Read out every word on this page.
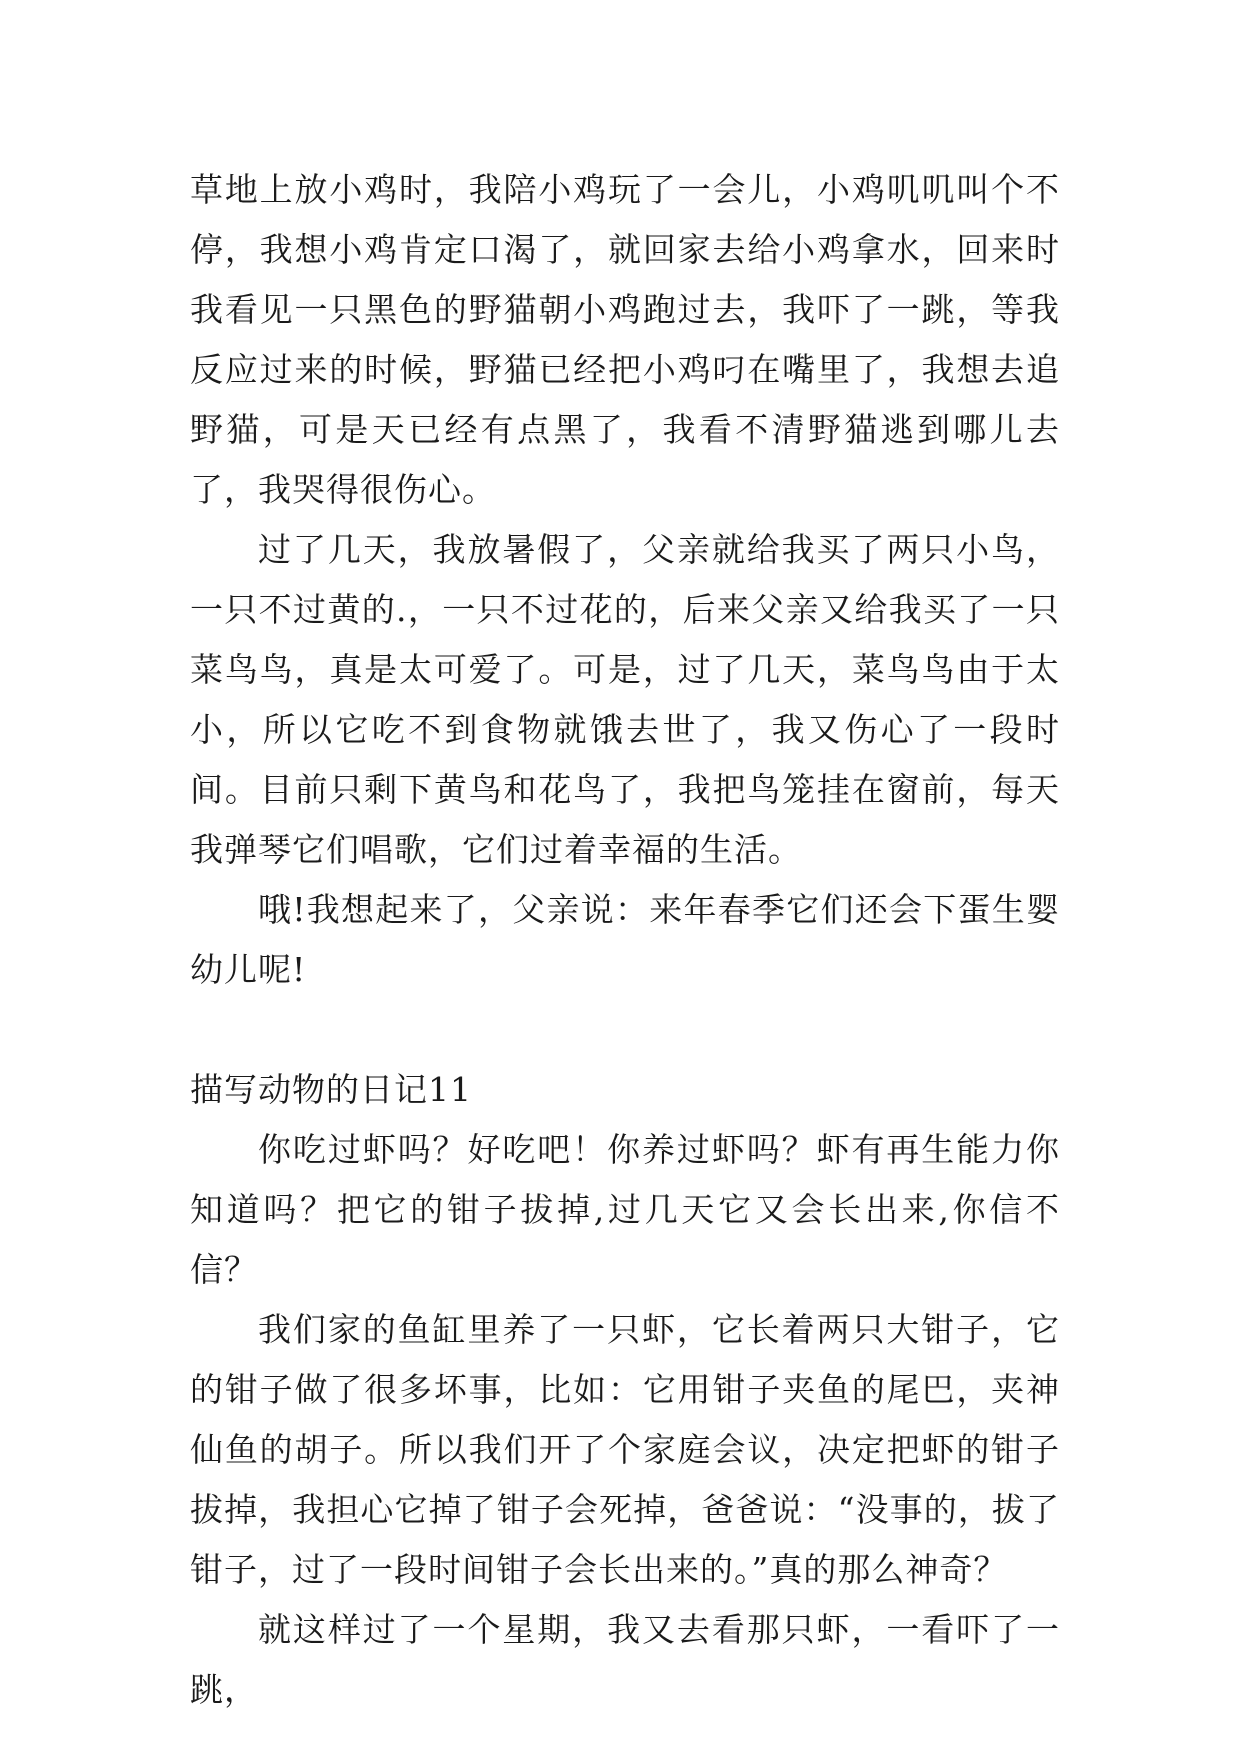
草地上放小鸡时，我陪小鸡玩了一会儿，小鸡叽叽叫个不停，我想小鸡肯定口渴了，就回家去给小鸡拿水，回来时我看见一只黑色的野猫朝小鸡跑过去，我吓了一跳，等我反应过来的时候，野猫已经把小鸡叼在嘴里了，我想去追野猫，可是天已经有点黑了，我看不清野猫逃到哪儿去了，我哭得很伤心。

过了几天，我放暑假了，父亲就给我买了两只小鸟，一只不过黄的.，一只不过花的，后来父亲又给我买了一只菜鸟鸟，真是太可爱了。可是，过了几天，菜鸟鸟由于太小，所以它吃不到食物就饿去世了，我又伤心了一段时间。目前只剩下黄鸟和花鸟了，我把鸟笼挂在窗前，每天我弹琴它们唱歌，它们过着幸福的生活。

哦!我想起来了，父亲说：来年春季它们还会下蛋生婴幼儿呢!

描写动物的日记11

你吃过虾吗？好吃吧！你养过虾吗？虾有再生能力你知道吗？把它的钳子拔掉,过几天它又会长出来,你信不信？

我们家的鱼缸里养了一只虾，它长着两只大钳子，它的钳子做了很多坏事，比如：它用钳子夹鱼的尾巴，夹神仙鱼的胡子。所以我们开了个家庭会议，决定把虾的钳子拔掉，我担心它掉了钳子会死掉，爸爸说：“没事的，拔了钳子，过了一段时间钳子会长出来的。”真的那么神奇？

就这样过了一个星期，我又去看那只虾，一看吓了一跳，
